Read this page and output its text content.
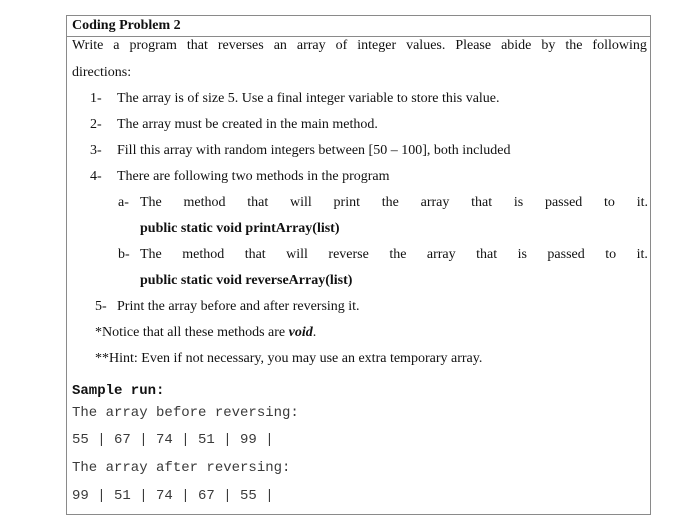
Coding Problem 2
Write a program that reverses an array of integer values. Please abide by the following
directions:
1- The array is of size 5. Use a final integer variable to store this value.
2- The array must be created in the main method.
3- Fill this array with random integers between [50 – 100], both included
4- There are following two methods in the program
a- The method that will print the array that is passed to it.
public static void printArray(list)
b- The method that will reverse the array that is passed to it.
public static void reverseArray(list)
5- Print the array before and after reversing it.
*Notice that all these methods are void.
**Hint: Even if not necessary, you may use an extra temporary array.
Sample run:
The array before reversing:
55 | 67 | 74 | 51 | 99 |
The array after reversing:
99 | 51 | 74 | 67 | 55 |
